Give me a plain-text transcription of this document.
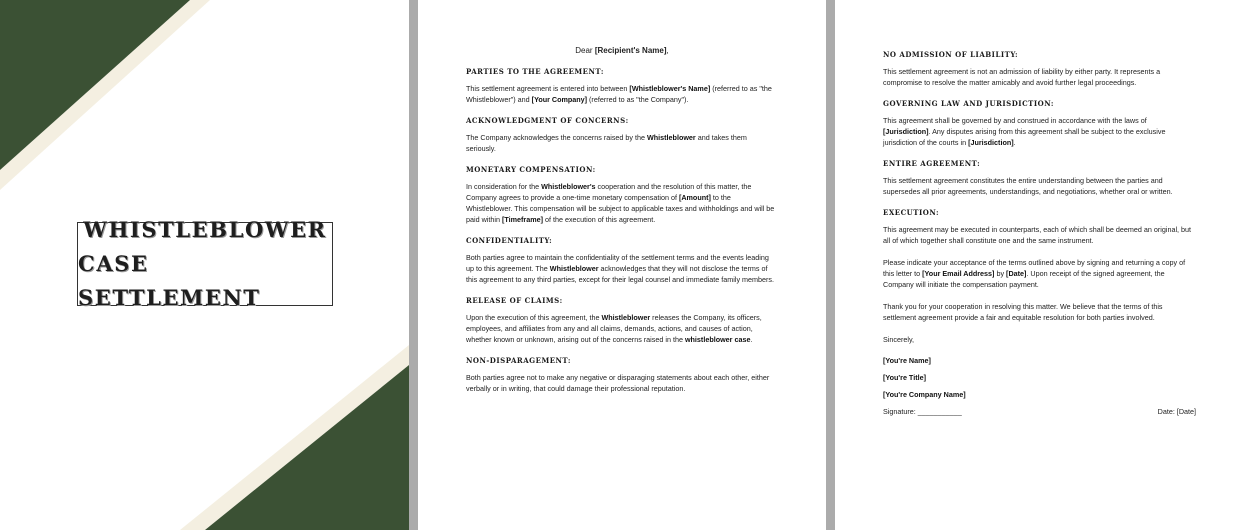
WHISTLEBLOWER
CASE SETTLEMENT
Dear [Recipient's Name],
PARTIES TO THE AGREEMENT:
This settlement agreement is entered into between [Whistleblower's Name] (referred to as "the Whistleblower") and [Your Company] (referred to as "the Company").
ACKNOWLEDGMENT OF CONCERNS:
The Company acknowledges the concerns raised by the Whistleblower and takes them seriously.
MONETARY COMPENSATION:
In consideration for the Whistleblower's cooperation and the resolution of this matter, the Company agrees to provide a one-time monetary compensation of [Amount] to the Whistleblower. This compensation will be subject to applicable taxes and withholdings and will be paid within [Timeframe] of the execution of this agreement.
CONFIDENTIALITY:
Both parties agree to maintain the confidentiality of the settlement terms and the events leading up to this agreement. The Whistleblower acknowledges that they will not disclose the terms of this agreement to any third parties, except for their legal counsel and immediate family members.
RELEASE OF CLAIMS:
Upon the execution of this agreement, the Whistleblower releases the Company, its officers, employees, and affiliates from any and all claims, demands, actions, and causes of action, whether known or unknown, arising out of the concerns raised in the whistleblower case.
NON-DISPARAGEMENT:
Both parties agree not to make any negative or disparaging statements about each other, either verbally or in writing, that could damage their professional reputation.
NO ADMISSION OF LIABILITY:
This settlement agreement is not an admission of liability by either party. It represents a compromise to resolve the matter amicably and avoid further legal proceedings.
GOVERNING LAW AND JURISDICTION:
This agreement shall be governed by and construed in accordance with the laws of [Jurisdiction]. Any disputes arising from this agreement shall be subject to the exclusive jurisdiction of the courts in [Jurisdiction].
ENTIRE AGREEMENT:
This settlement agreement constitutes the entire understanding between the parties and supersedes all prior agreements, understandings, and negotiations, whether oral or written.
EXECUTION:
This agreement may be executed in counterparts, each of which shall be deemed an original, but all of which together shall constitute one and the same instrument.
Please indicate your acceptance of the terms outlined above by signing and returning a copy of this letter to [Your Email Address] by [Date]. Upon receipt of the signed agreement, the Company will initiate the compensation payment.
Thank you for your cooperation in resolving this matter. We believe that the terms of this settlement agreement provide a fair and equitable resolution for both parties involved.
Sincerely,
[You're Name]
[You're Title]
[You're Company Name]
Signature: ___________	Date: [Date]
